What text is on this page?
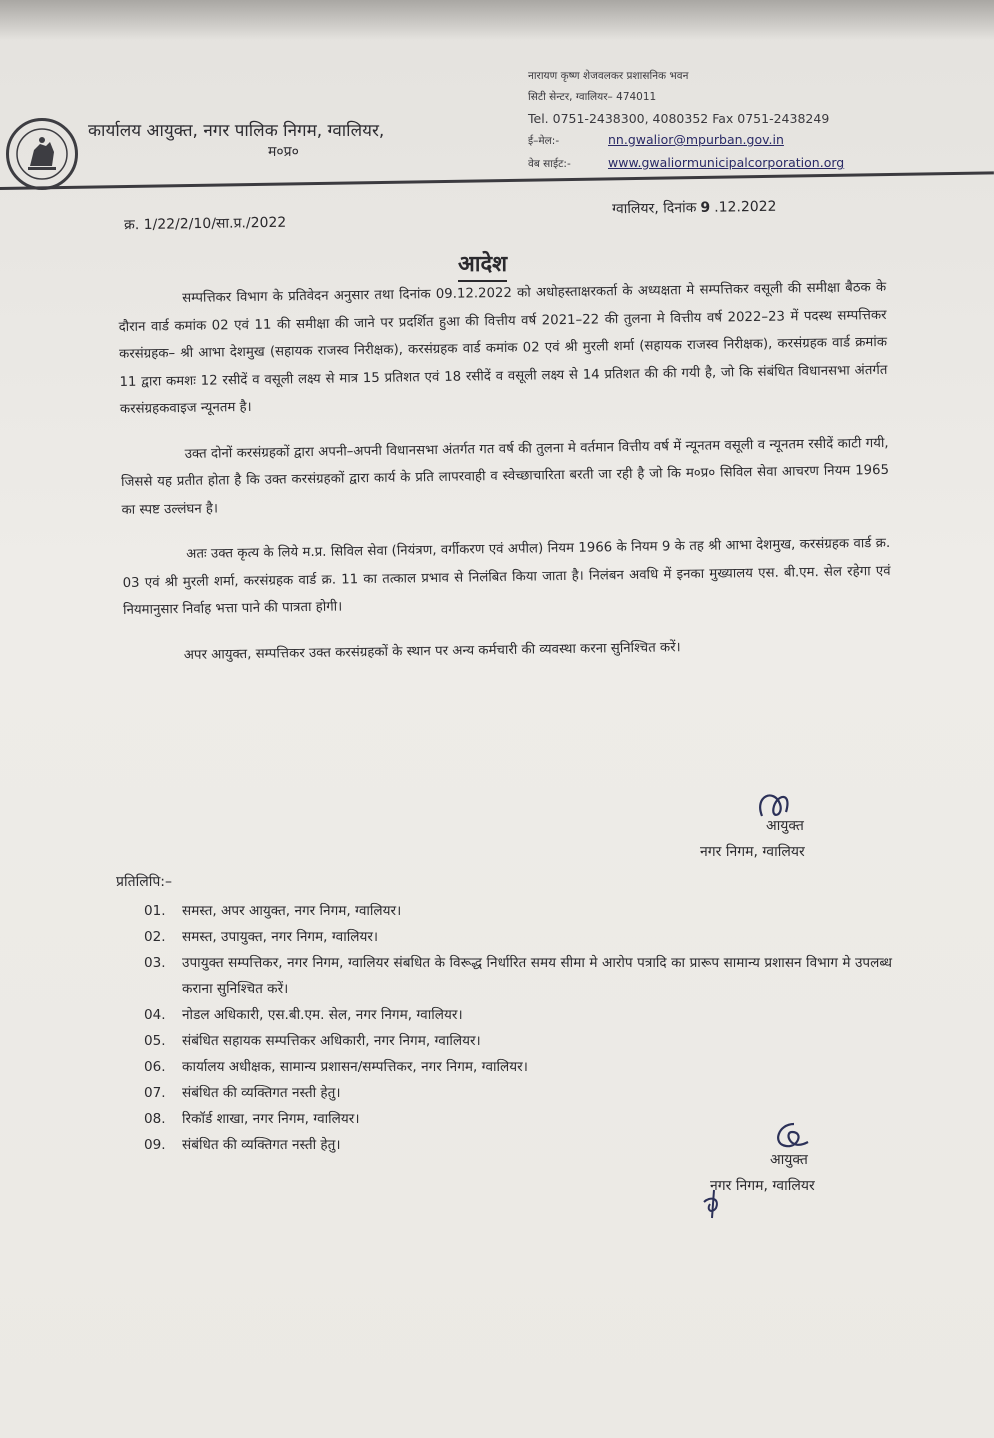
कार्यालय आयुक्त, नगर पालिक निगम, ग्वालियर,
म०प्र०
नारायण कृष्ण शेजवलकर प्रशासनिक भवन
सिटी सेन्टर, ग्वालियर– 474011
Tel. 0751-2438300, 4080352 Fax 0751-2438249
ई–मेल:-	nn.gwalior@mpurban.gov.in
वेब साईट:-	www.gwaliormunicipalcorporation.org
क्र. 1/22/2/10/सा.प्र./2022
ग्वालियर, दिनांक 9 .12.2022
आदेश

सम्पत्तिकर विभाग के प्रतिवेदन अनुसार तथा दिनांक 09.12.2022 को अधोहस्ताक्षरकर्ता के अध्यक्षता मे सम्पत्तिकर वसूली की समीक्षा बैठक के दौरान वार्ड कमांक 02 एवं 11 की समीक्षा की जाने पर प्रदर्शित हुआ की वित्तीय वर्ष 2021–22 की तुलना मे वित्तीय वर्ष 2022–23 में पदस्थ सम्पत्तिकर करसंग्रहक– श्री आभा देशमुख (सहायक राजस्व निरीक्षक), करसंग्रहक वार्ड कमांक 02 एवं श्री मुरली शर्मा (सहायक राजस्व निरीक्षक), करसंग्रहक वार्ड क्रमांक 11 द्वारा कमशः 12 रसीदें व वसूली लक्ष्य से मात्र 15 प्रतिशत एवं 18 रसीदें व वसूली लक्ष्य से 14 प्रतिशत की की गयी है, जो कि संबंधित विधानसभा अंतर्गत करसंग्रहकवाइज न्यूनतम है।

उक्त दोनों करसंग्रहकों द्वारा अपनी–अपनी विधानसभा अंतर्गत गत वर्ष की तुलना मे वर्तमान वित्तीय वर्ष में न्यूनतम वसूली व न्यूनतम रसीदें काटी गयी, जिससे यह प्रतीत होता है कि उक्त करसंग्रहकों द्वारा कार्य के प्रति लापरवाही व स्वेच्छाचारिता बरती जा रही है जो कि म०प्र० सिविल सेवा आचरण नियम 1965 का स्पष्ट उल्लंघन है।

अतः उक्त कृत्य के लिये म.प्र. सिविल सेवा (नियंत्रण, वर्गीकरण एवं अपील) नियम 1966 के नियम 9 के तह श्री आभा देशमुख, करसंग्रहक वार्ड क्र. 03 एवं श्री मुरली शर्मा, करसंग्रहक वार्ड क्र. 11 का तत्काल प्रभाव से निलंबित किया जाता है। निलंबन अवधि में इनका मुख्यालय एस. बी.एम. सेल रहेगा एवं नियमानुसार निर्वाह भत्ता पाने की पात्रता होगी।

अपर आयुक्त, सम्पत्तिकर उक्त करसंग्रहकों के स्थान पर अन्य कर्मचारी की व्यवस्था करना सुनिश्चित करें।

आयुक्त
नगर निगम, ग्वालियर
प्रतिलिपि:–
01.	समस्त, अपर आयुक्त, नगर निगम, ग्वालियर।
02.	समस्त, उपायुक्त, नगर निगम, ग्वालियर।
03.	उपायुक्त सम्पत्तिकर, नगर निगम, ग्वालियर संबधित के विरूद्ध निर्धारित समय सीमा मे आरोप पत्रादि का प्रारूप सामान्य प्रशासन विभाग मे उपलब्ध कराना सुनिश्चित करें।
04.	नोडल अधिकारी, एस.बी.एम. सेल, नगर निगम, ग्वालियर।
05.	संबंधित सहायक सम्पत्तिकर अधिकारी, नगर निगम, ग्वालियर।
06.	कार्यालय अधीक्षक, सामान्य प्रशासन/सम्पत्तिकर, नगर निगम, ग्वालियर।
07.	संबंधित की व्यक्तिगत नस्ती हेतु।
08.	रिकॉर्ड शाखा, नगर निगम, ग्वालियर।
09.	संबंधित की व्यक्तिगत नस्ती हेतु।
आयुक्त
नगर निगम, ग्वालियर
